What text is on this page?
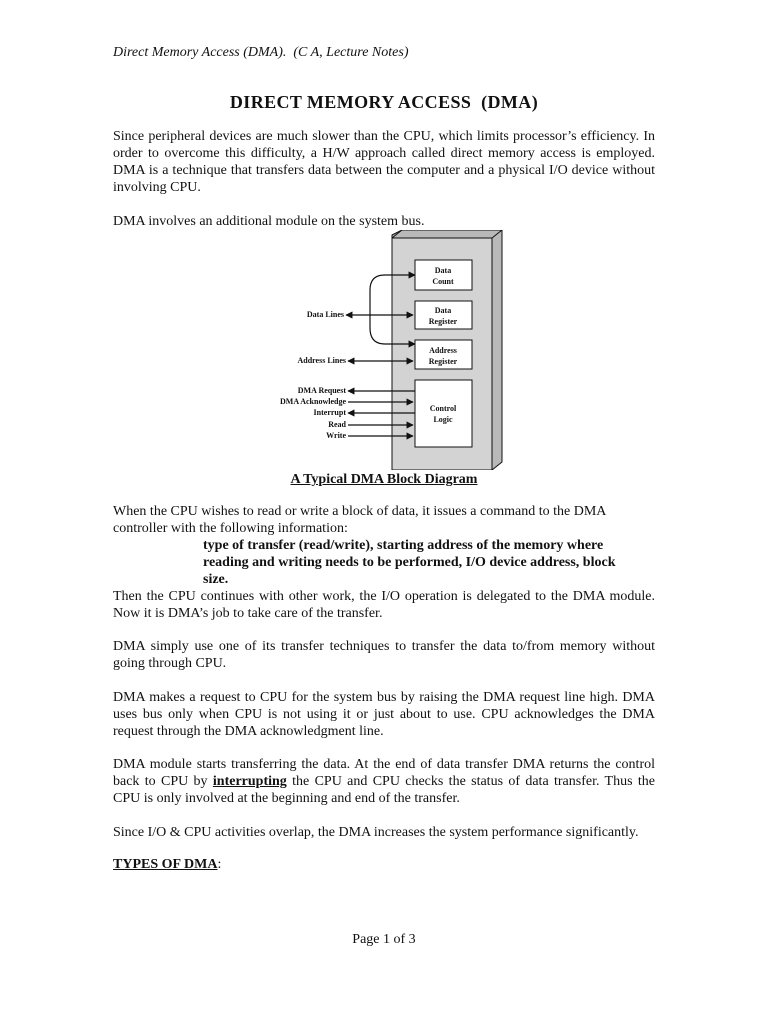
Direct Memory Access (DMA).  (C A, Lecture Notes)
DIRECT MEMORY ACCESS  (DMA)
Since peripheral devices are much slower than the CPU, which limits processor’s efficiency. In order to overcome this difficulty, a H/W approach called direct memory access is employed. DMA is a technique that transfers data between the computer and a physical I/O device without involving CPU.
DMA involves an additional module on the system bus.
Data
Count
Data
Register
Address
Register
Control
Logic
Data Lines
Address Lines
DMA Request
DMA Acknowledge
Interrupt
Read
Write
A Typical DMA Block Diagram
When the CPU wishes to read or write a block of data, it issues a command to the DMA controller with the following information:
type of transfer (read/write), starting address of the memory where reading and writing needs to be performed, I/O device address, block size.
Then the CPU continues with other work, the I/O operation is delegated to the DMA module. Now it is DMA’s job to take care of the transfer.
DMA simply use one of its transfer techniques to transfer the data to/from memory without going through CPU.
DMA makes a request to CPU for the system bus by raising the DMA request line high. DMA uses bus only when CPU is not using it or just about to use. CPU acknowledges the DMA request through the DMA acknowledgment line.
DMA module starts transferring the data. At the end of data transfer DMA returns the control back to CPU by interrupting the CPU and CPU checks the status of data transfer. Thus the CPU is only involved at the beginning and end of the transfer.
Since I/O & CPU activities overlap, the DMA increases the system performance significantly.
TYPES OF DMA:
Page 1 of 3
